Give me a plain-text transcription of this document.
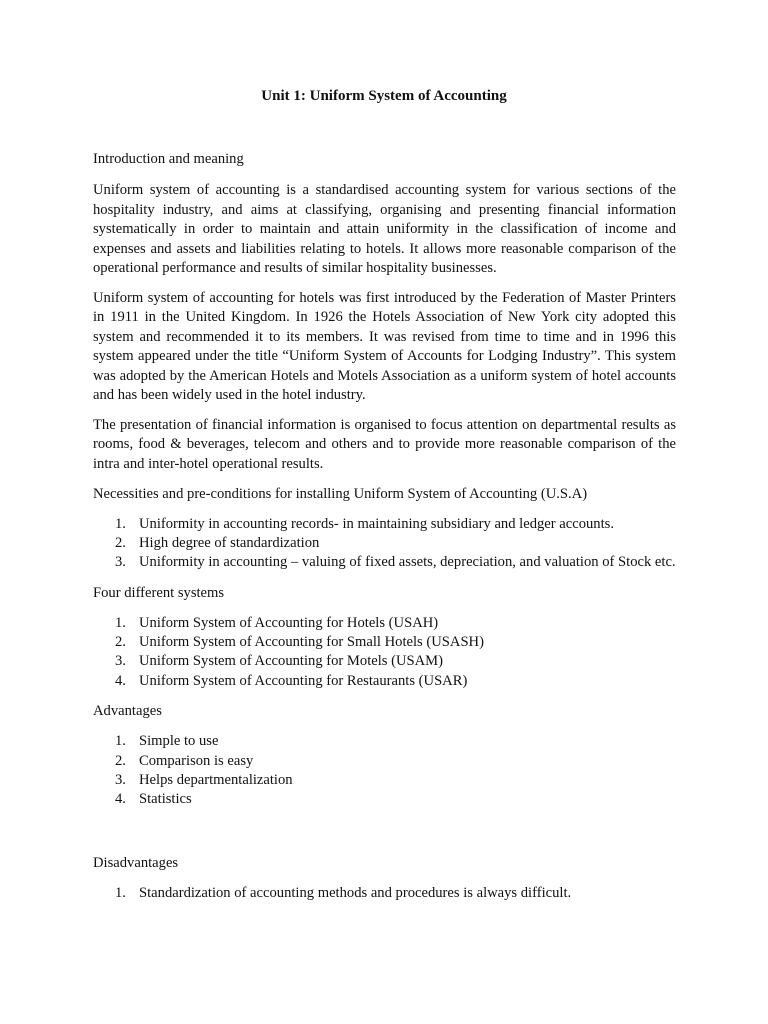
Unit 1: Uniform System of Accounting

Introduction and meaning

Uniform system of accounting is a standardised accounting system for various sections of the hospitality industry, and aims at classifying, organising and presenting financial information systematically in order to maintain and attain uniformity in the classification of income and expenses and assets and liabilities relating to hotels. It allows more reasonable comparison of the operational performance and results of similar hospitality businesses.

Uniform system of accounting for hotels was first introduced by the Federation of Master Printers in 1911 in the United Kingdom. In 1926 the Hotels Association of New York city adopted this system and recommended it to its members. It was revised from time to time and in 1996 this system appeared under the title “Uniform System of Accounts for Lodging Industry”. This system was adopted by the American Hotels and Motels Association as a uniform system of hotel accounts and has been widely used in the hotel industry.

The presentation of financial information is organised to focus attention on departmental results as rooms, food & beverages, telecom and others and to provide more reasonable comparison of the intra and inter-hotel operational results.

Necessities and pre-conditions for installing Uniform System of Accounting (U.S.A)

1. Uniformity in accounting records- in maintaining subsidiary and ledger accounts.
2. High degree of standardization
3. Uniformity in accounting – valuing of fixed assets, depreciation, and valuation of Stock etc.

Four different systems

1. Uniform System of Accounting for Hotels (USAH)
2. Uniform System of Accounting for Small Hotels (USASH)
3. Uniform System of Accounting for Motels (USAM)
4. Uniform System of Accounting for Restaurants (USAR)

Advantages

1. Simple to use
2. Comparison is easy
3. Helps departmentalization
4. Statistics

Disadvantages

1. Standardization of accounting methods and procedures is always difficult.
